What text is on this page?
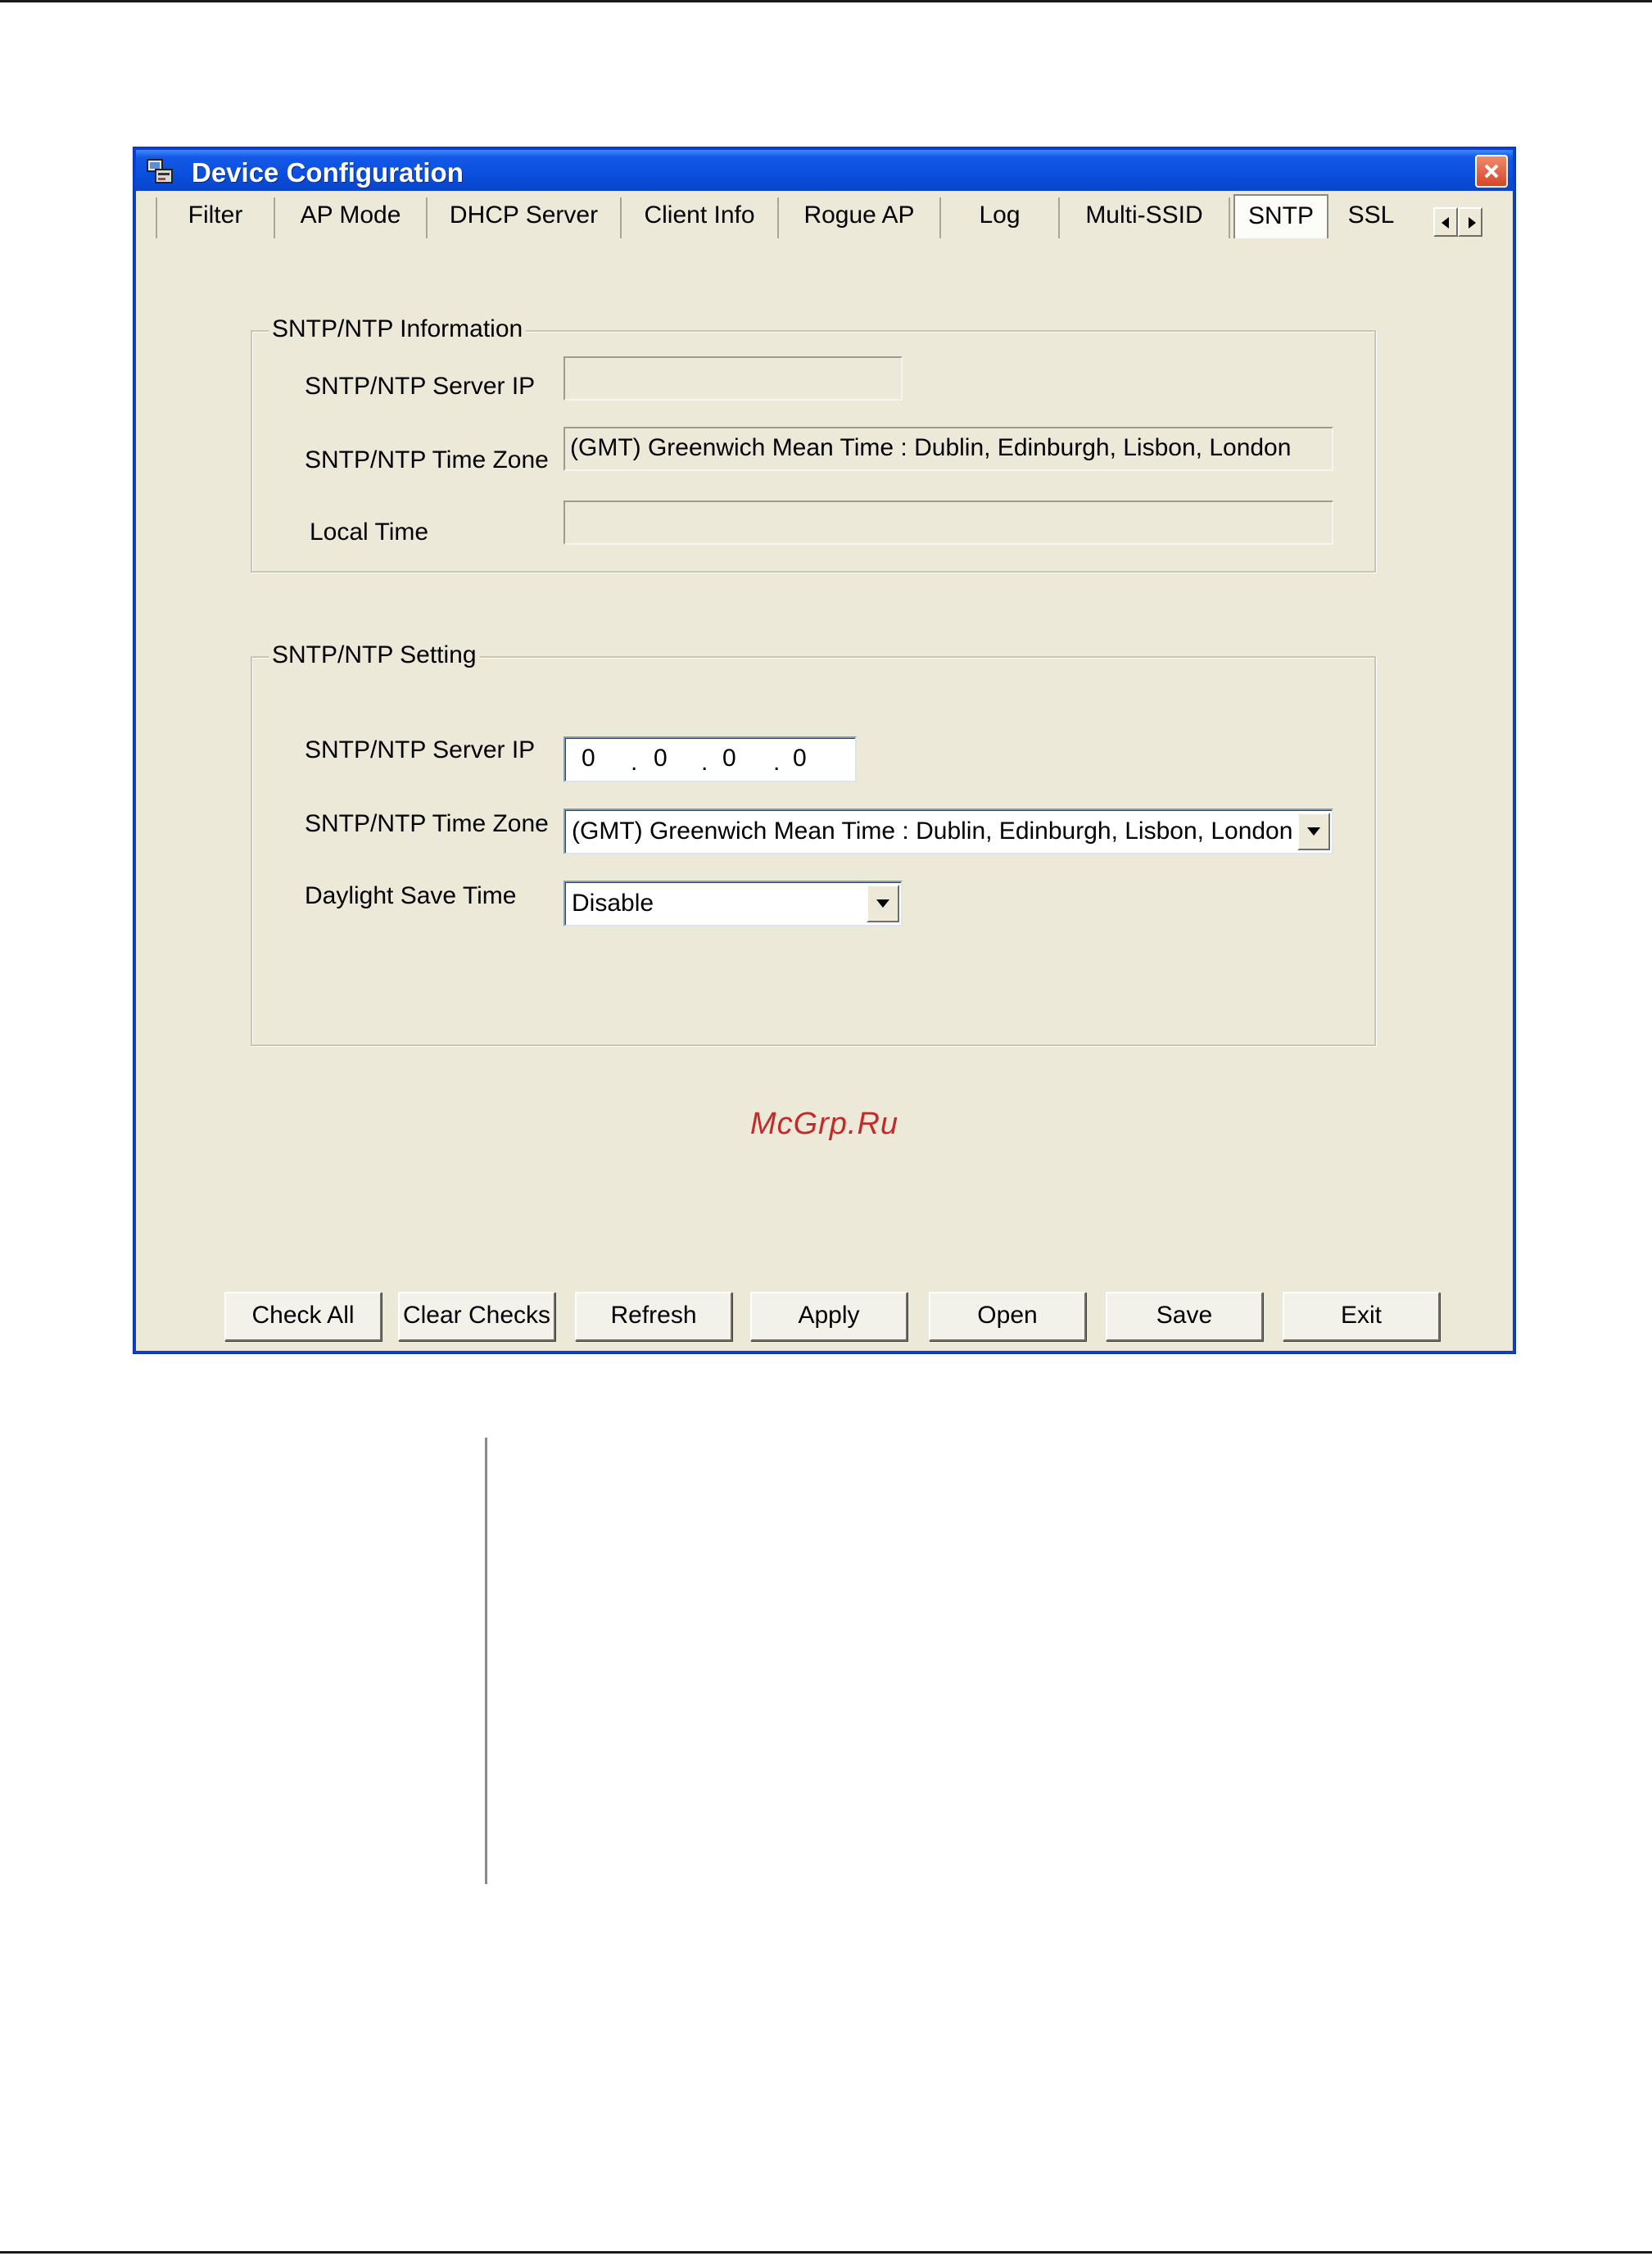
Device Configuration
Filter	AP Mode	DHCP Server	Client Info	Rogue AP	Log	Multi-SSID	SNTP	SSL
SNTP/NTP Information
SNTP/NTP Server IP
SNTP/NTP Time Zone (GMT) Greenwich Mean Time : Dublin, Edinburgh, Lisbon, London
Local Time
SNTP/NTP Setting
SNTP/NTP Server IP 0 . 0 . 0 . 0
SNTP/NTP Time Zone (GMT) Greenwich Mean Time : Dublin, Edinburgh, Lisbon, London
Daylight Save Time Disable
McGrp.Ru
Check All	Clear Checks	Refresh	Apply	Open	Save	Exit
